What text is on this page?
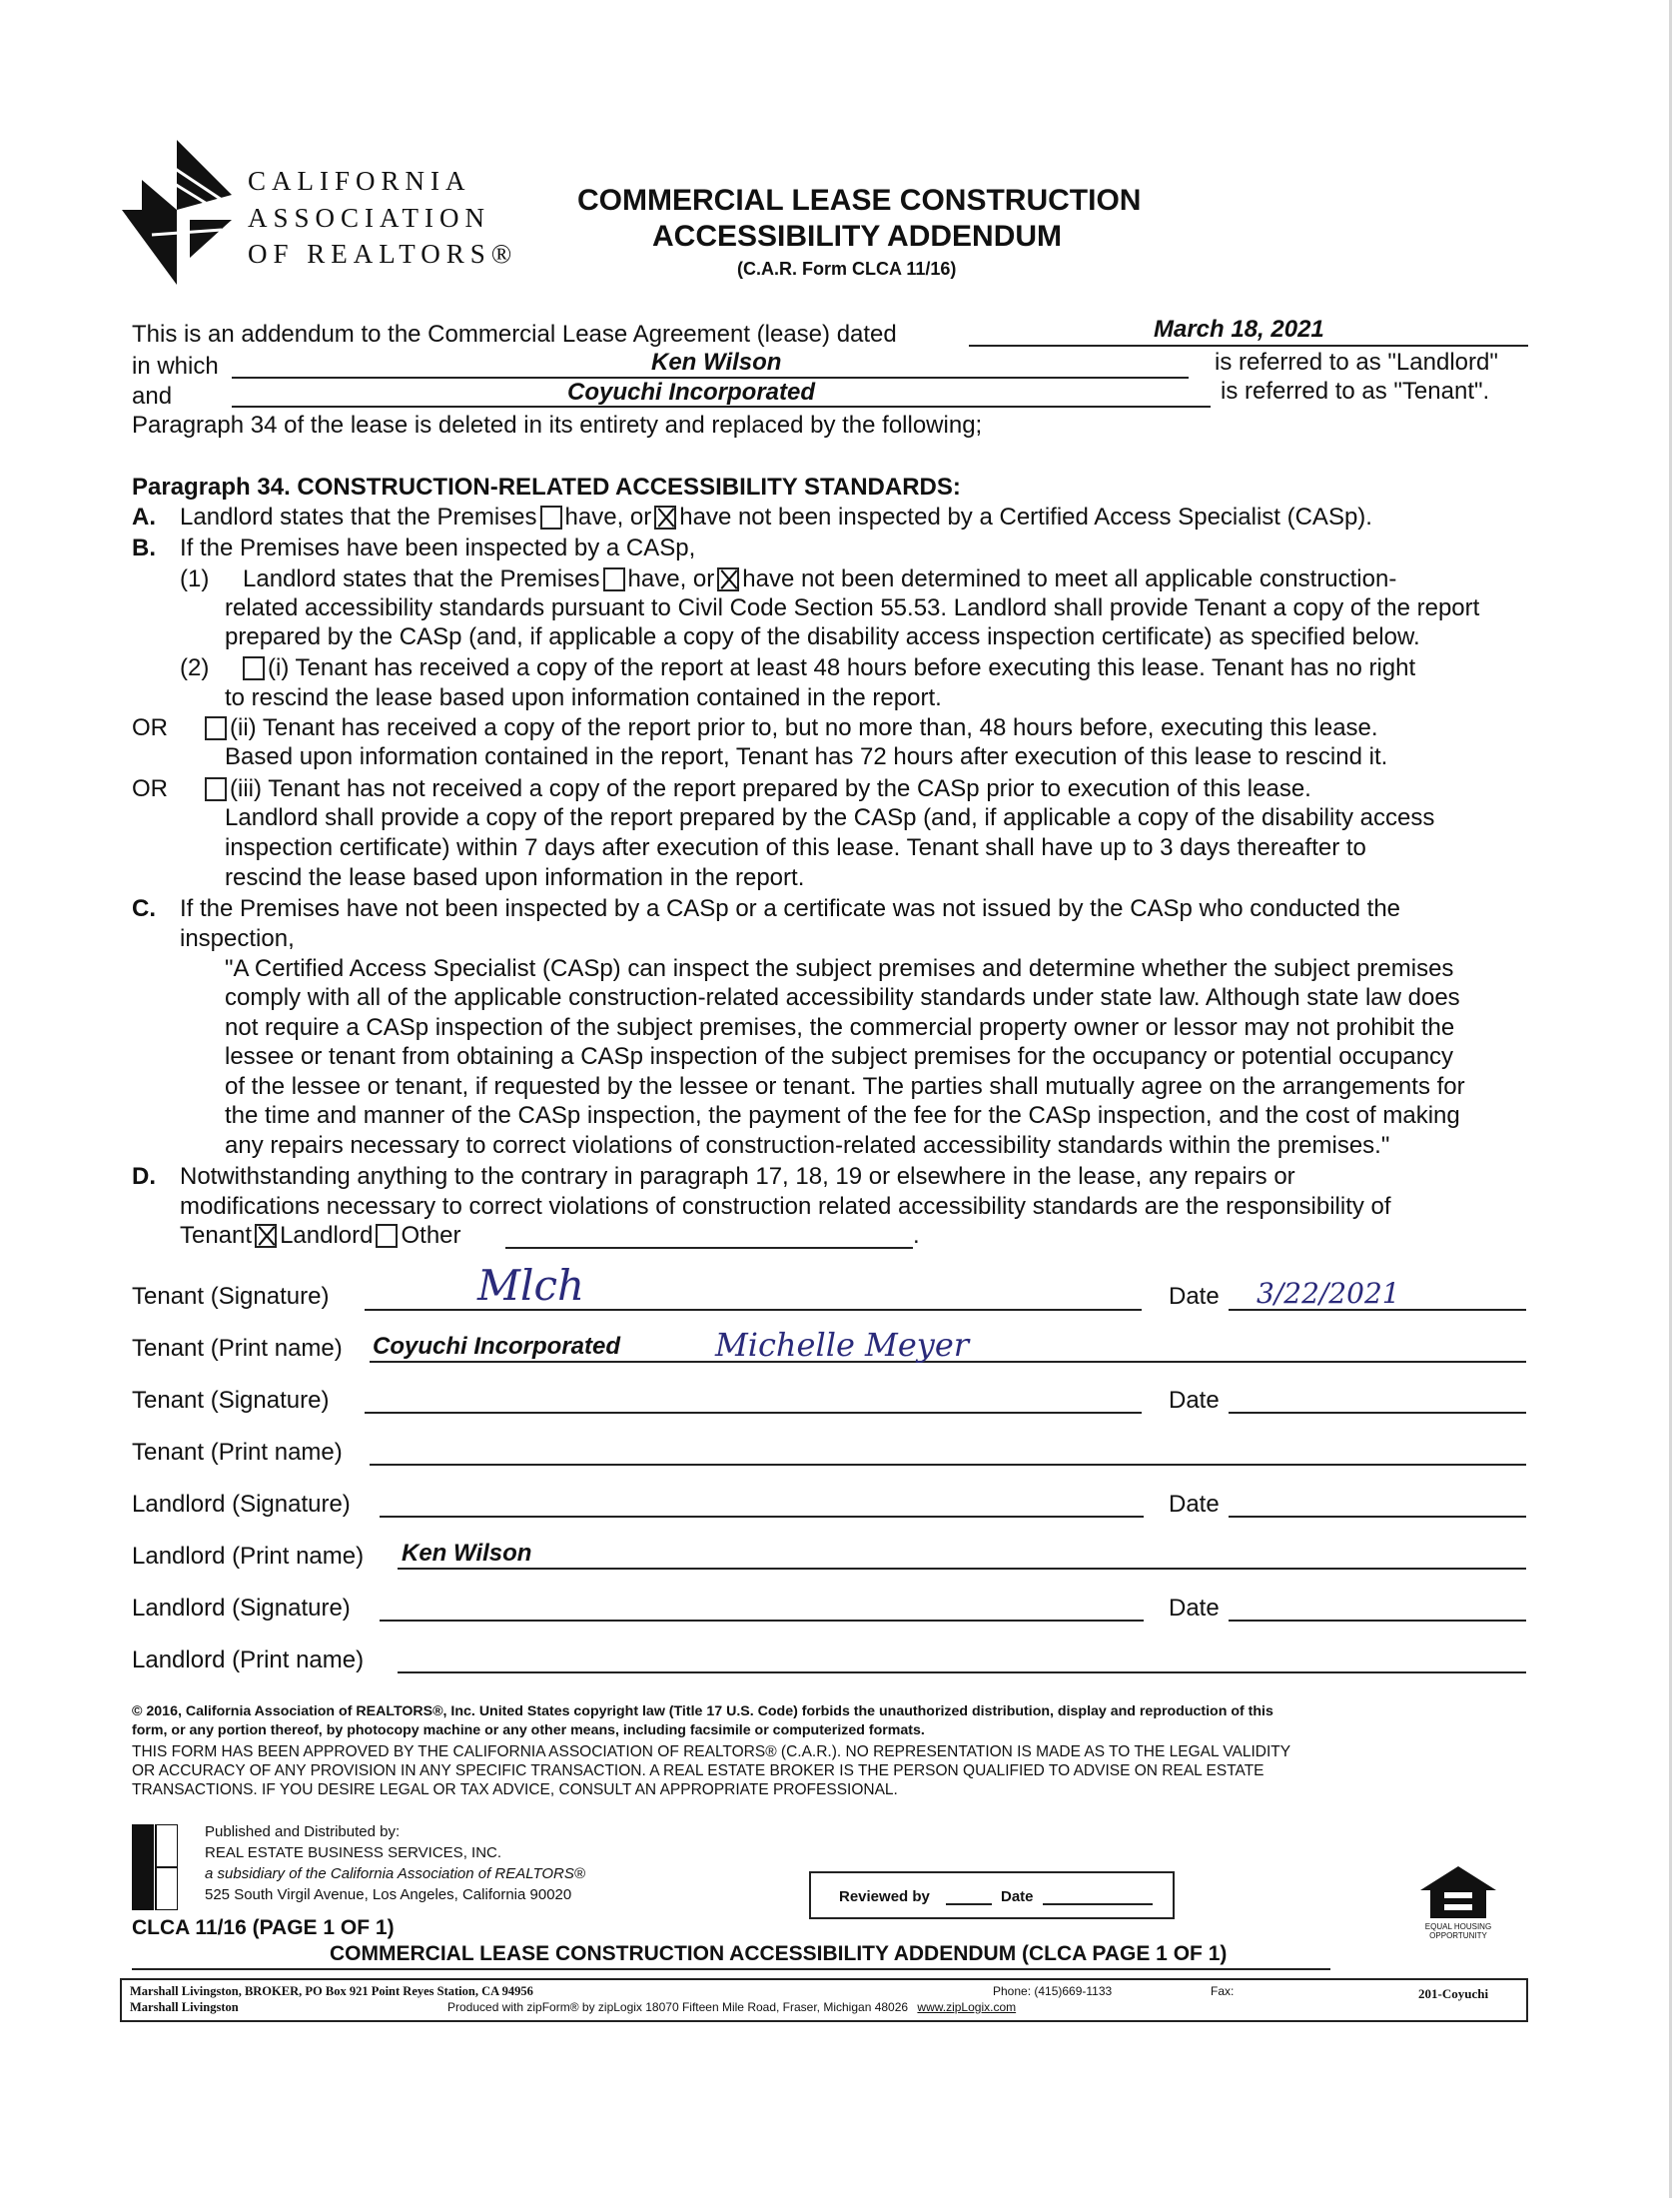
CALIFORNIA
ASSOCIATION
OF REALTORS®
COMMERCIAL LEASE CONSTRUCTION
ACCESSIBILITY ADDENDUM
(C.A.R. Form CLCA 11/16)
This is an addendum to the Commercial Lease Agreement (lease) dated	March 18, 2021
in which	Ken Wilson	is referred to as "Landlord"
and	Coyuchi Incorporated	is referred to as "Tenant".
Paragraph 34 of the lease is deleted in its entirety and replaced by the following;
Paragraph 34. CONSTRUCTION-RELATED ACCESSIBILITY STANDARDS:
A. Landlord states that the Premises have, or have not been inspected by a Certified Access Specialist (CASp).
B. If the Premises have been inspected by a CASp,
(1) Landlord states that the Premises have, or have not been determined to meet all applicable construction-
related accessibility standards pursuant to Civil Code Section 55.53. Landlord shall provide Tenant a copy of the report
prepared by the CASp (and, if applicable a copy of the disability access inspection certificate) as specified below.
(2)	(i) Tenant has received a copy of the report at least 48 hours before executing this lease. Tenant has no right
to rescind the lease based upon information contained in the report.
OR	(ii) Tenant has received a copy of the report prior to, but no more than, 48 hours before, executing this lease.
Based upon information contained in the report, Tenant has 72 hours after execution of this lease to rescind it.
OR	(iii) Tenant has not received a copy of the report prepared by the CASp prior to execution of this lease.
Landlord shall provide a copy of the report prepared by the CASp (and, if applicable a copy of the disability access
inspection certificate) within 7 days after execution of this lease. Tenant shall have up to 3 days thereafter to
rescind the lease based upon information in the report.
C. If the Premises have not been inspected by a CASp or a certificate was not issued by the CASp who conducted the
inspection,
"A Certified Access Specialist (CASp) can inspect the subject premises and determine whether the subject premises
comply with all of the applicable construction-related accessibility standards under state law. Although state law does
not require a CASp inspection of the subject premises, the commercial property owner or lessor may not prohibit the
lessee or tenant from obtaining a CASp inspection of the subject premises for the occupancy or potential occupancy
of the lessee or tenant, if requested by the lessee or tenant. The parties shall mutually agree on the arrangements for
the time and manner of the CASp inspection, the payment of the fee for the CASp inspection, and the cost of making
any repairs necessary to correct violations of construction-related accessibility standards within the premises."
D. Notwithstanding anything to the contrary in paragraph 17, 18, 19 or elsewhere in the lease, any repairs or
modifications necessary to correct violations of construction related accessibility standards are the responsibility of
Tenant Landlord Other	.
Tenant (Signature)	Mlch	Date 3/22/2021
Tenant (Print name) Coyuchi Incorporated	Michelle Meyer
Tenant (Signature)	Date
Tenant (Print name)
Landlord (Signature)	Date
Landlord (Print name) Ken Wilson
Landlord (Signature)	Date
Landlord (Print name)
© 2016, California Association of REALTORS®, Inc. United States copyright law (Title 17 U.S. Code) forbids the unauthorized distribution, display and reproduction of this
form, or any portion thereof, by photocopy machine or any other means, including facsimile or computerized formats.
THIS FORM HAS BEEN APPROVED BY THE CALIFORNIA ASSOCIATION OF REALTORS® (C.A.R.). NO REPRESENTATION IS MADE AS TO THE LEGAL VALIDITY
OR ACCURACY OF ANY PROVISION IN ANY SPECIFIC TRANSACTION. A REAL ESTATE BROKER IS THE PERSON QUALIFIED TO ADVISE ON REAL ESTATE
TRANSACTIONS. IF YOU DESIRE LEGAL OR TAX ADVICE, CONSULT AN APPROPRIATE PROFESSIONAL.
Published and Distributed by:
REAL ESTATE BUSINESS SERVICES, INC.
a subsidiary of the California Association of REALTORS®
525 South Virgil Avenue, Los Angeles, California 90020	Reviewed by	Date
EQUAL HOUSING OPPORTUNITY
CLCA 11/16 (PAGE 1 OF 1)
COMMERCIAL LEASE CONSTRUCTION ACCESSIBILITY ADDENDUM (CLCA PAGE 1 OF 1)
Marshall Livingston, BROKER, PO Box 921 Point Reyes Station, CA 94956
Marshall Livingston
Phone: (415)669-1133	Fax:	201-Coyuchi
Produced with zipForm® by zipLogix 18070 Fifteen Mile Road, Fraser, Michigan 48026 www.zipLogix.com
